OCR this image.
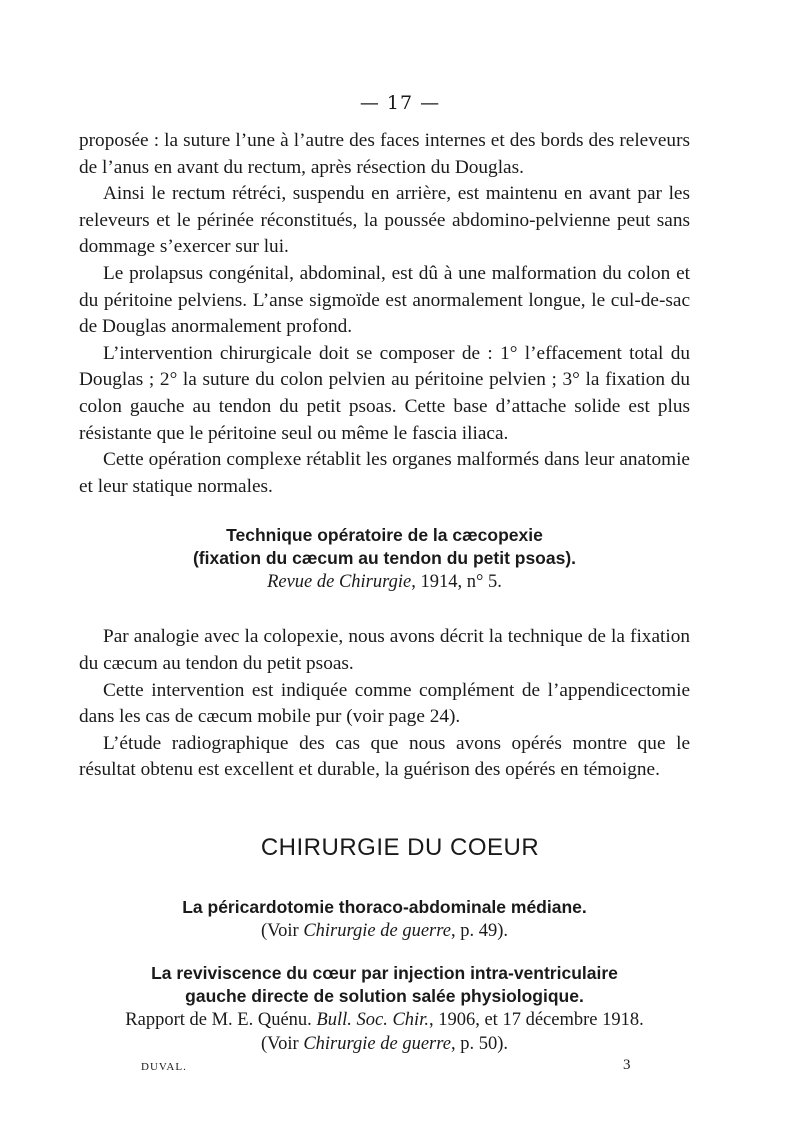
— 17 —

proposée : la suture l’une à l’autre des faces internes et des bords des releveurs de l’anus en avant du rectum, après résection du Douglas.

Ainsi le rectum rétréci, suspendu en arrière, est maintenu en avant par les releveurs et le périnée réconstitués, la poussée abdomino-pelvienne peut sans dommage s’exercer sur lui.

Le prolapsus congénital, abdominal, est dû à une malformation du colon et du péritoine pelviens. L’anse sigmoïde est anormalement longue, le cul-de-sac de Douglas anormalement profond.

L’intervention chirurgicale doit se composer de : 1° l’effacement total du Douglas ; 2° la suture du colon pelvien au péritoine pelvien ; 3° la fixation du colon gauche au tendon du petit psoas. Cette base d’attache solide est plus résistante que le péritoine seul ou même le fascia iliaca.

Cette opération complexe rétablit les organes malformés dans leur anatomie et leur statique normales.

Technique opératoire de la cæcopexie
(fixation du cæcum au tendon du petit psoas).
Revue de Chirurgie, 1914, n° 5.

Par analogie avec la colopexie, nous avons décrit la technique de la fixation du cæcum au tendon du petit psoas.

Cette intervention est indiquée comme complément de l’appendicectomie dans les cas de cæcum mobile pur (voir page 24).

L’étude radiographique des cas que nous avons opérés montre que le résultat obtenu est excellent et durable, la guérison des opérés en témoigne.

CHIRURGIE DU COEUR
La péricardotomie thoraco-abdominale médiane.
(Voir Chirurgie de guerre, p. 49).
La reviviscence du cœur par injection intra-ventriculaire
gauche directe de solution salée physiologique.
Rapport de M. E. Quénu. Bull. Soc. Chir., 1906, et 17 décembre 1918.
(Voir Chirurgie de guerre, p. 50).
DUVAL.	3
